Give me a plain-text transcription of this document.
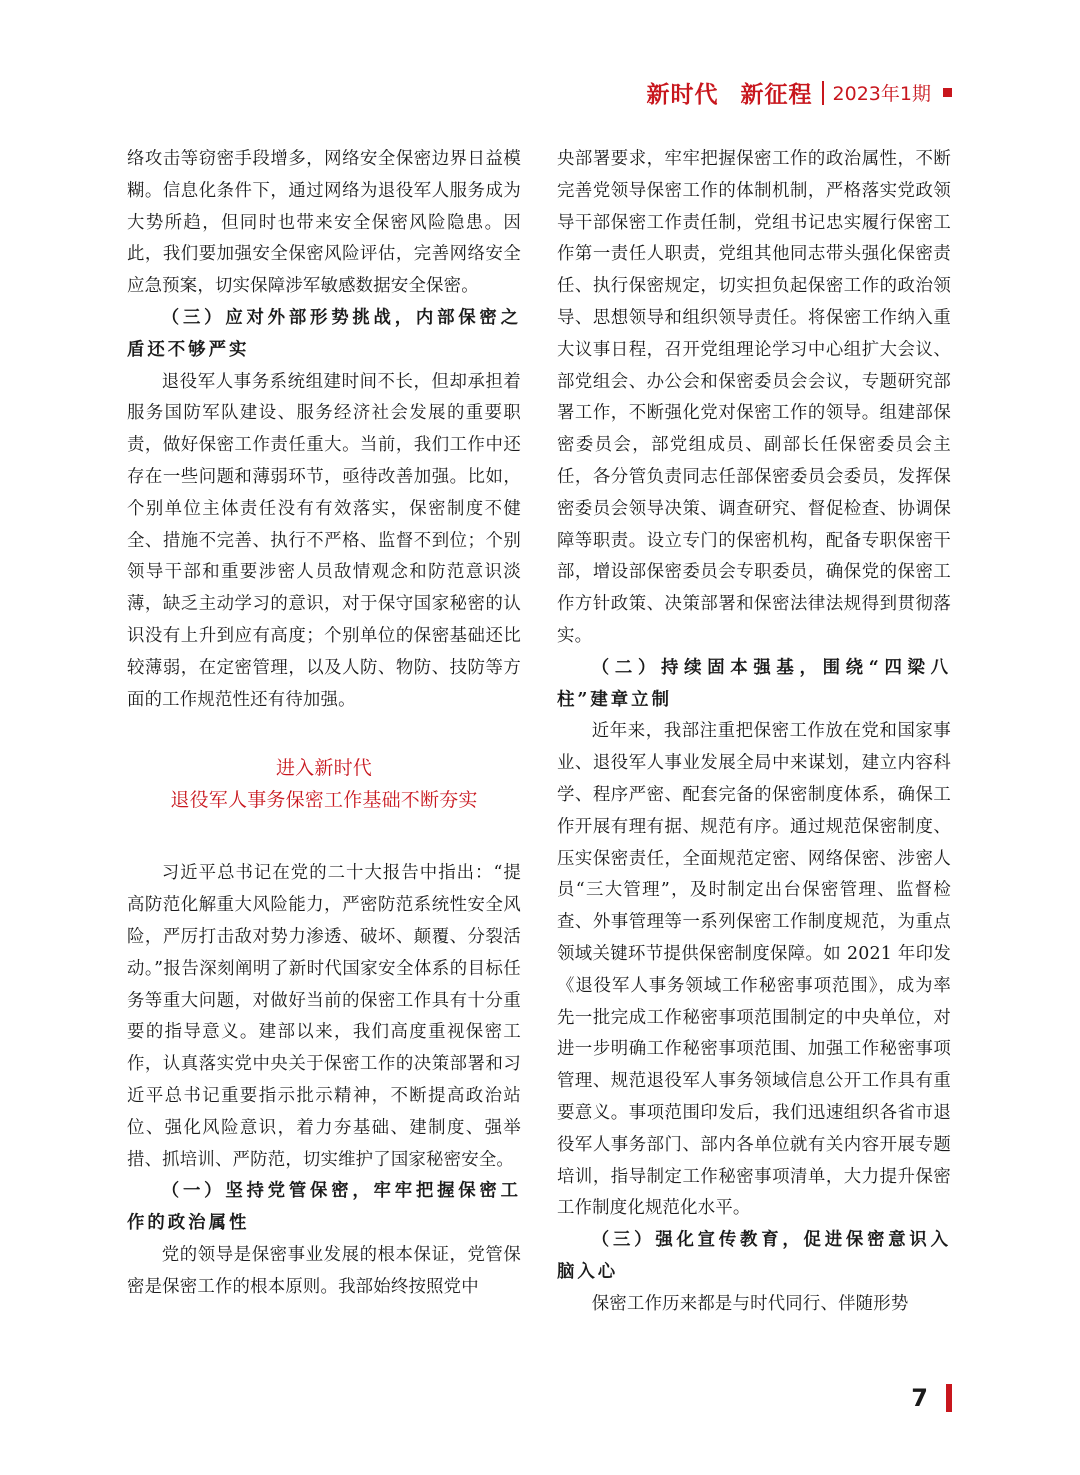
新时代 新征程 2023年1期

络攻击等窃密手段增多，网络安全保密边界日益模糊。信息化条件下，通过网络为退役军人服务成为大势所趋，但同时也带来安全保密风险隐患。因此，我们要加强安全保密风险评估，完善网络安全应急预案，切实保障涉军敏感数据安全保密。

（三）应对外部形势挑战，内部保密之盾还不够严实

退役军人事务系统组建时间不长，但却承担着服务国防军队建设、服务经济社会发展的重要职责，做好保密工作责任重大。当前，我们工作中还存在一些问题和薄弱环节，亟待改善加强。比如，个别单位主体责任没有有效落实，保密制度不健全、措施不完善、执行不严格、监督不到位；个别领导干部和重要涉密人员敌情观念和防范意识淡薄，缺乏主动学习的意识，对于保守国家秘密的认识没有上升到应有高度；个别单位的保密基础还比较薄弱，在定密管理，以及人防、物防、技防等方面的工作规范性还有待加强。

进入新时代
退役军人事务保密工作基础不断夯实

习近平总书记在党的二十大报告中指出：“提高防范化解重大风险能力，严密防范系统性安全风险，严厉打击敌对势力渗透、破坏、颠覆、分裂活动。”报告深刻阐明了新时代国家安全体系的目标任务等重大问题，对做好当前的保密工作具有十分重要的指导意义。建部以来，我们高度重视保密工作，认真落实党中央关于保密工作的决策部署和习近平总书记重要指示批示精神，不断提高政治站位、强化风险意识，着力夯基础、建制度、强举措、抓培训、严防范，切实维护了国家秘密安全。

（一）坚持党管保密，牢牢把握保密工作的政治属性

党的领导是保密事业发展的根本保证，党管保密是保密工作的根本原则。我部始终按照党中

央部署要求，牢牢把握保密工作的政治属性，不断完善党领导保密工作的体制机制，严格落实党政领导干部保密工作责任制，党组书记忠实履行保密工作第一责任人职责，党组其他同志带头强化保密责任、执行保密规定，切实担负起保密工作的政治领导、思想领导和组织领导责任。将保密工作纳入重大议事日程，召开党组理论学习中心组扩大会议、部党组会、办公会和保密委员会会议，专题研究部署工作，不断强化党对保密工作的领导。组建部保密委员会，部党组成员、副部长任保密委员会主任，各分管负责同志任部保密委员会委员，发挥保密委员会领导决策、调查研究、督促检查、协调保障等职责。设立专门的保密机构，配备专职保密干部，增设部保密委员会专职委员，确保党的保密工作方针政策、决策部署和保密法律法规得到贯彻落实。

（二）持续固本强基，围绕“四梁八柱”建章立制

近年来，我部注重把保密工作放在党和国家事业、退役军人事业发展全局中来谋划，建立内容科学、程序严密、配套完备的保密制度体系，确保工作开展有理有据、规范有序。通过规范保密制度、压实保密责任，全面规范定密、网络保密、涉密人员“三大管理”，及时制定出台保密管理、监督检查、外事管理等一系列保密工作制度规范，为重点领域关键环节提供保密制度保障。如 2021 年印发《退役军人事务领域工作秘密事项范围》，成为率先一批完成工作秘密事项范围制定的中央单位，对进一步明确工作秘密事项范围、加强工作秘密事项管理、规范退役军人事务领域信息公开工作具有重要意义。事项范围印发后，我们迅速组织各省市退役军人事务部门、部内各单位就有关内容开展专题培训，指导制定工作秘密事项清单，大力提升保密工作制度化规范化水平。

（三）强化宣传教育，促进保密意识入脑入心

保密工作历来都是与时代同行、伴随形势

7
